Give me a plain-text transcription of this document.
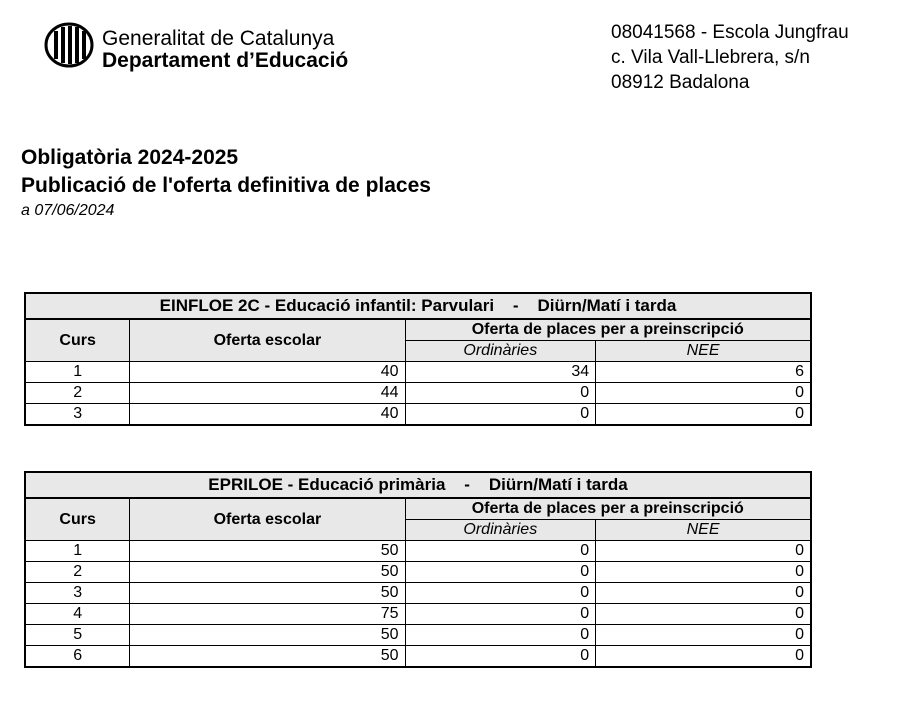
Generalitat de Catalunya
Departament d’Educació
08041568 - Escola Jungfrau
c. Vila Vall-Llebrera, s/n
08912 Badalona
Obligatòria 2024-2025
Publicació de l'oferta definitiva de places
a 07/06/2024
EINFLOE 2C - Educació infantil: Parvulari    -    Diürn/Matí i tarda			
Curs	Oferta escolar	Oferta de places per a preinscripció	
		Ordinàries	NEE
1	40	34	6
2	44	0	0
3	40	0	0
EPRILOE - Educació primària    -    Diürn/Matí i tarda			
Curs	Oferta escolar	Oferta de places per a preinscripció	
		Ordinàries	NEE
1	50	0	0
2	50	0	0
3	50	0	0
4	75	0	0
5	50	0	0
6	50	0	0
